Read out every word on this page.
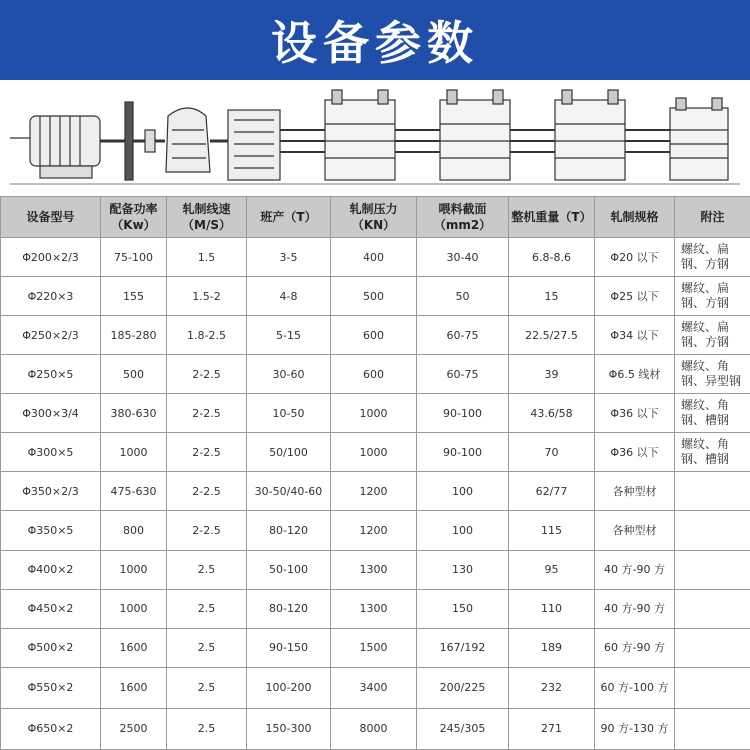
设备参数
设备型号	配备功率（Kw）	轧制线速（M/S）	班产（T）	轧制压力（KN）	喂料截面（mm2）	整机重量（T）	轧制规格	附注
Φ200×2/3	75-100	1.5	3-5	400	30-40	6.8-8.6	Φ20 以下	螺纹、扁钢、方钢
Φ220×3	155	1.5-2	4-8	500	50	15	Φ25 以下	螺纹、扁钢、方钢
Φ250×2/3	185-280	1.8-2.5	5-15	600	60-75	22.5/27.5	Φ34 以下	螺纹、扁钢、方钢
Φ250×5	500	2-2.5	30-60	600	60-75	39	Φ6.5 线材	螺纹、角钢、异型钢
Φ300×3/4	380-630	2-2.5	10-50	1000	90-100	43.6/58	Φ36 以下	螺纹、角钢、槽钢
Φ300×5	1000	2-2.5	50/100	1000	90-100	70	Φ36 以下	螺纹、角钢、槽钢
Φ350×2/3	475-630	2-2.5	30-50/40-60	1200	100	62/77	各种型材	
Φ350×5	800	2-2.5	80-120	1200	100	115	各种型材	
Φ400×2	1000	2.5	50-100	1300	130	95	40 方-90 方	
Φ450×2	1000	2.5	80-120	1300	150	110	40 方-90 方	
Φ500×2	1600	2.5	90-150	1500	167/192	189	60 方-90 方	
Φ550×2	1600	2.5	100-200	3400	200/225	232	60 方-100 方	
Φ650×2	2500	2.5	150-300	8000	245/305	271	90 方-130 方	
